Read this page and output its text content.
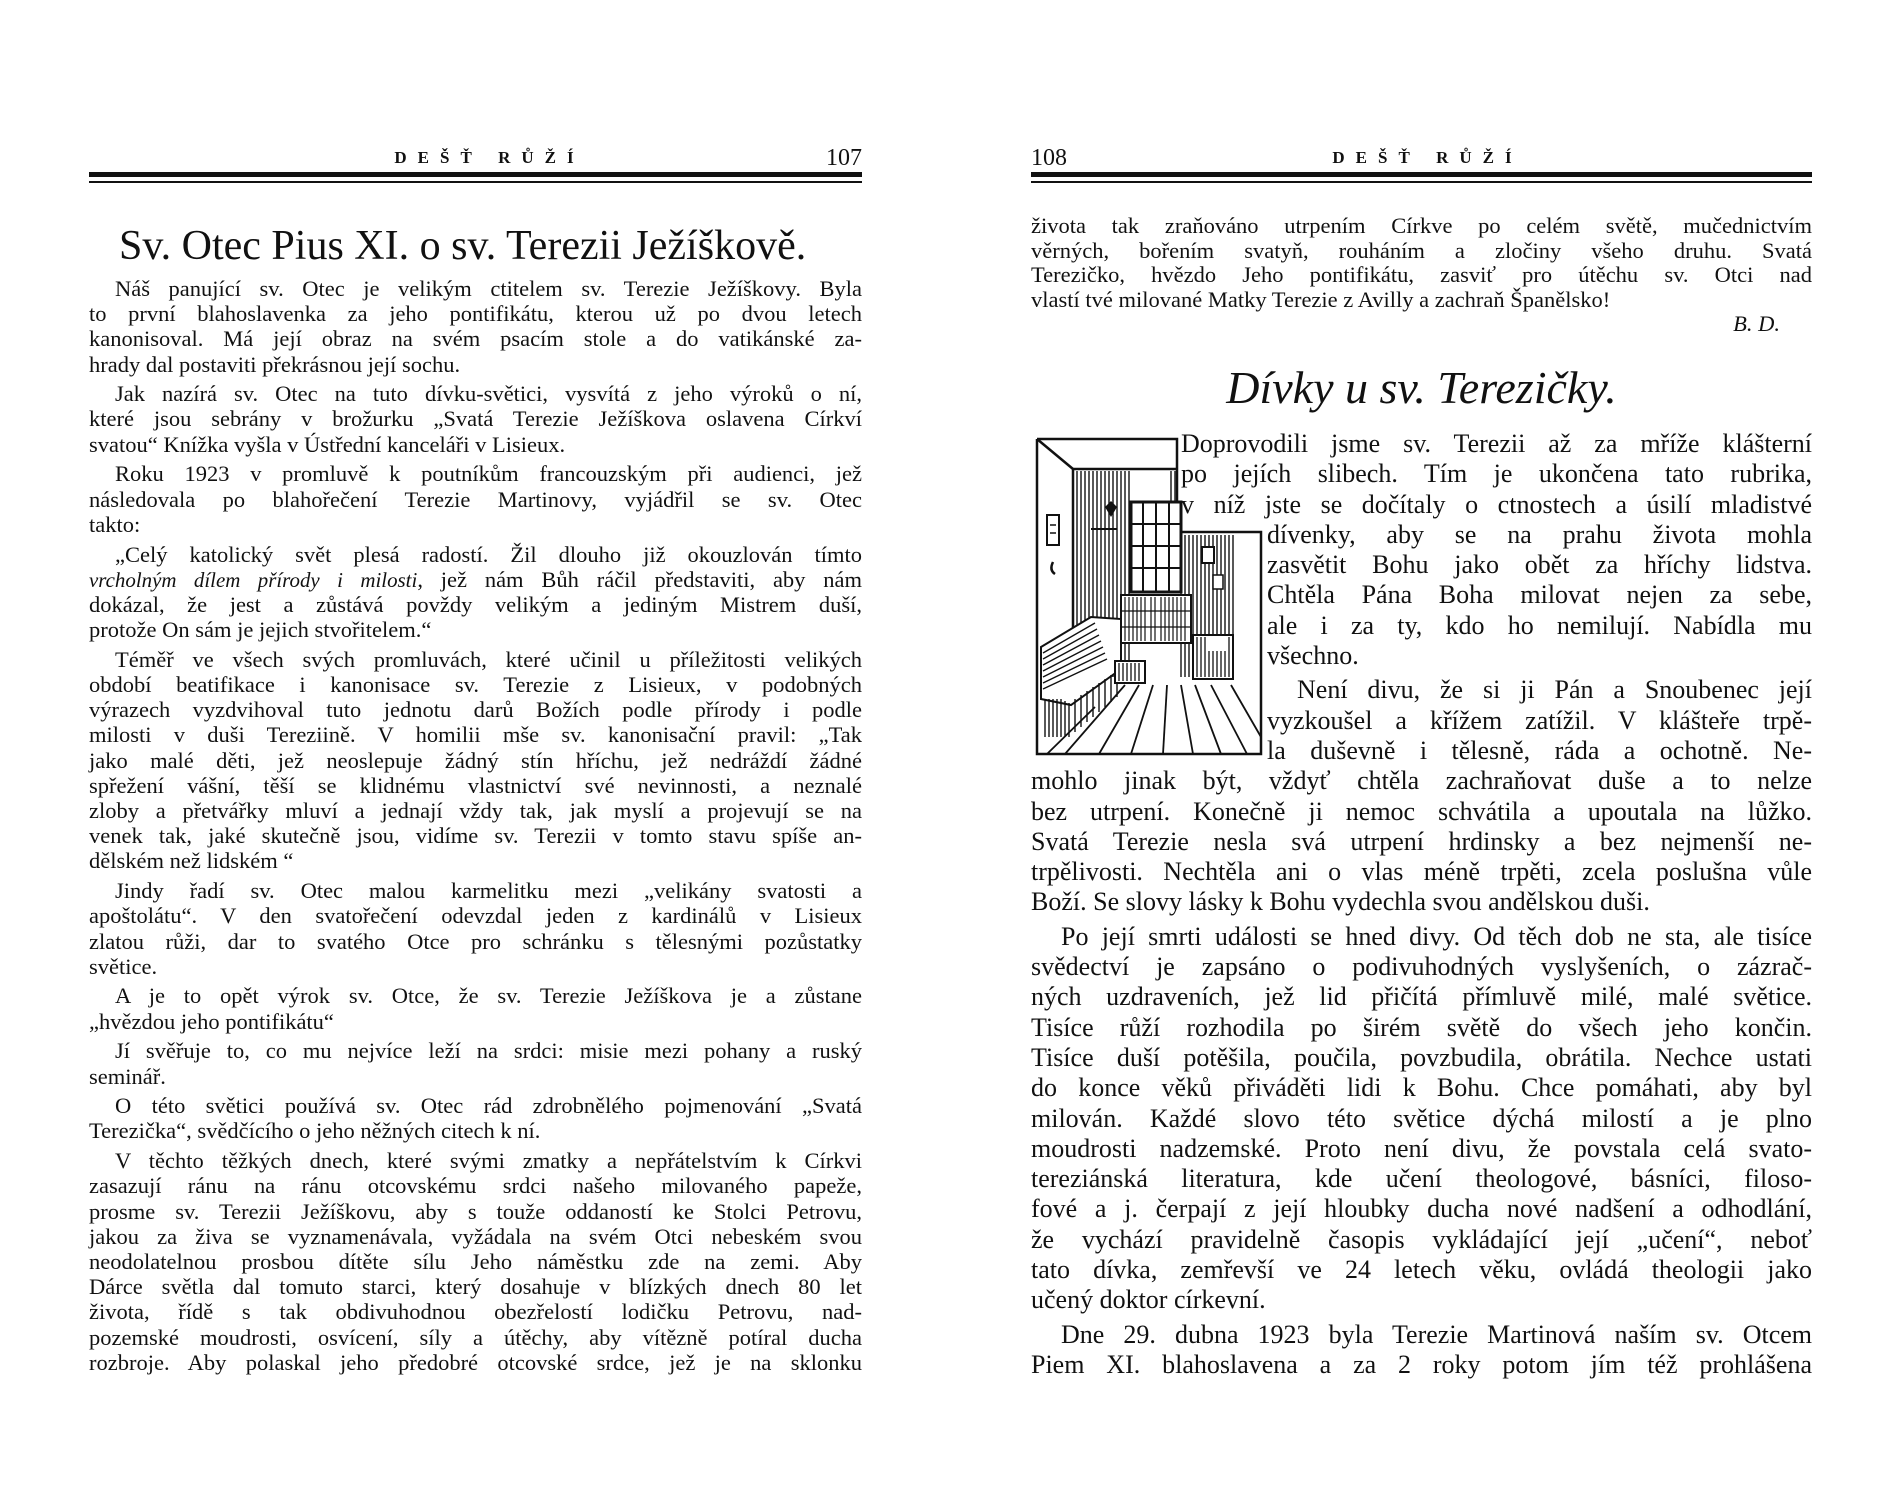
DEŠŤ RŮŽÍ	107
Sv. Otec Pius XI. o sv. Terezii Ježíškově.
Náš panující sv. Otec je velikým ctitelem sv. Terezie Ježíškovy. Byla
to první blahoslavenka za jeho pontifikátu, kterou už po dvou letech
kanonisoval. Má její obraz na svém psacím stole a do vatikánské za-
hrady dal postaviti překrásnou její sochu.
Jak nazírá sv. Otec na tuto dívku-světici, vysvítá z jeho výroků o ní,
které jsou sebrány v brožurku „Svatá Terezie Ježíškova oslavena Církví
svatou“ Knížka vyšla v Ústřední kanceláři v Lisieux.
Roku 1923 v promluvě k poutníkům francouzským při audienci, jež
následovala po blahořečení Terezie Martinovy, vyjádřil se sv. Otec
takto:
„Celý katolický svět plesá radostí. Žil dlouho již okouzlován tímto
vrcholným dílem přírody i milosti, jež nám Bůh ráčil představiti, aby nám
dokázal, že jest a zůstává povždy velikým a jediným Mistrem duší,
protože On sám je jejich stvořitelem.“
Téměř ve všech svých promluvách, které učinil u příležitosti velikých
období beatifikace i kanonisace sv. Terezie z Lisieux, v podobných
výrazech vyzdvihoval tuto jednotu darů Božích podle přírody i podle
milosti v duši Tereziině. V homilii mše sv. kanonisační pravil: „Tak
jako malé děti, jež neoslepuje žádný stín hříchu, jež nedráždí žádné
spřežení vášní, těší se klidnému vlastnictví své nevinnosti, a neznalé
zloby a přetvářky mluví a jednají vždy tak, jak myslí a projevují se na
venek tak, jaké skutečně jsou, vidíme sv. Terezii v tomto stavu spíše an-
dělském než lidském “
Jindy řadí sv. Otec malou karmelitku mezi „velikány svatosti a
apoštolátu“. V den svatořečení odevzdal jeden z kardinálů v Lisieux
zlatou růži, dar to svatého Otce pro schránku s tělesnými pozůstatky
světice.
A je to opět výrok sv. Otce, že sv. Terezie Ježíškova je a zůstane
„hvězdou jeho pontifikátu“
Jí svěřuje to, co mu nejvíce leží na srdci: misie mezi pohany a ruský
seminář.
O této světici používá sv. Otec rád zdrobnělého pojmenování „Svatá
Terezička“, svědčícího o jeho něžných citech k ní.
V těchto těžkých dnech, které svými zmatky a nepřátelstvím k Církvi
zasazují ránu na ránu otcovskému srdci našeho milovaného papeže,
prosme sv. Terezii Ježíškovu, aby s touže oddaností ke Stolci Petrovu,
jakou za živa se vyznamenávala, vyžádala na svém Otci nebeském svou
neodolatelnou prosbou dítěte sílu Jeho náměstku zde na zemi. Aby
Dárce světla dal tomuto starci, který dosahuje v blízkých dnech 80 let
života, řídě s tak obdivuhodnou obezřelostí lodičku Petrovu, nad-
pozemské moudrosti, osvícení, síly a útěchy, aby vítězně potíral ducha
rozbroje. Aby polaskal jeho předobré otcovské srdce, jež je na sklonku
108	DEŠŤ RŮŽÍ
života tak zraňováno utrpením Církve po celém světě, mučednictvím
věrných, bořením svatyň, rouháním a zločiny všeho druhu. Svatá
Terezičko, hvězdo Jeho pontifikátu, zasviť pro útěchu sv. Otci nad
vlastí tvé milované Matky Terezie z Avilly a zachraň Španělsko!
Dívky u sv. Terezičky.
Doprovodili jsme sv. Terezii až za mříže klášterní
po jejích slibech. Tím je ukončena tato rubrika,
v níž jste se dočítaly o ctnostech a úsilí mladistvé
dívenky, aby se na prahu života mohla
zasvětit Bohu jako obět za hříchy lidstva.
Chtěla Pána Boha milovat nejen za sebe,
ale i za ty, kdo ho nemilují. Nabídla mu
všechno.
Není divu, že si ji Pán a Snoubenec její
vyzkoušel a křížem zatížil. V klášteře trpě-
la duševně i tělesně, ráda a ochotně. Ne-
mohlo jinak být, vždyť chtěla zachraňovat duše a to nelze
bez utrpení. Konečně ji nemoc schvátila a upoutala na lůžko.
Svatá Terezie nesla svá utrpení hrdinsky a bez nejmenší ne-
trpělivosti. Nechtěla ani o vlas méně trpěti, zcela poslušna vůle
Boží. Se slovy lásky k Bohu vydechla svou andělskou duši.
Po její smrti události se hned divy. Od těch dob ne sta, ale tisíce
svědectví je zapsáno o podivuhodných vyslyšeních, o zázrač-
ných uzdraveních, jež lid přičítá přímluvě milé, malé světice.
Tisíce růží rozhodila po širém světě do všech jeho končin.
Tisíce duší potěšila, poučila, povzbudila, obrátila. Nechce ustati
do konce věků přiváděti lidi k Bohu. Chce pomáhati, aby byl
milován. Každé slovo této světice dýchá milostí a je plno
moudrosti nadzemské. Proto není divu, že povstala celá svato-
tereziánská literatura, kde učení theologové, básníci, filoso-
fové a j. čerpají z její hloubky ducha nové nadšení a odhodlání,
že vychází pravidelně časopis vykládající její „učení“, neboť
tato dívka, zemřevší ve 24 letech věku, ovládá theologii jako
učený doktor církevní.
Dne 29. dubna 1923 byla Terezie Martinová naším sv. Otcem
Piem XI. blahoslavena a za 2 roky potom jím též prohlášena
B. D.
